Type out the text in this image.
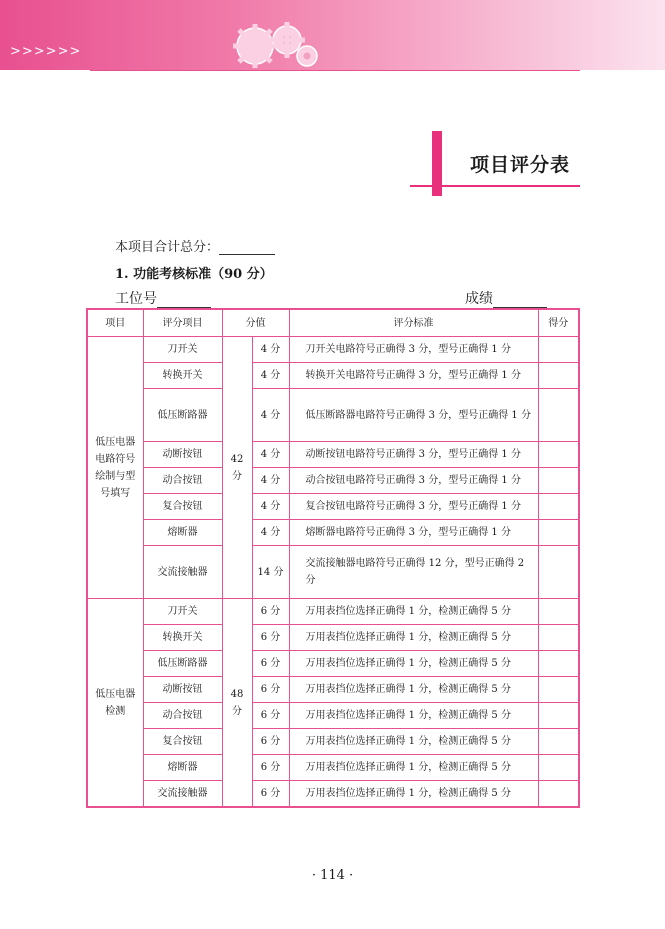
>>>>>>
项目评分表
本项目合计总分：
1. 功能考核标准（90 分）
工位号	成绩
项目	评分项目	分值		评分标准	得分
低压电器电路符号绘制与型号填写	刀开关	42 分	4 分	刀开关电路符号正确得 3 分，型号正确得 1 分	
	转换开关		4 分	转换开关电路符号正确得 3 分，型号正确得 1 分	
	低压断路器		4 分	低压断路器电路符号正确得 3 分，型号正确得 1 分	
	动断按钮		4 分	动断按钮电路符号正确得 3 分，型号正确得 1 分	
	动合按钮		4 分	动合按钮电路符号正确得 3 分，型号正确得 1 分	
	复合按钮		4 分	复合按钮电路符号正确得 3 分，型号正确得 1 分	
	熔断器		4 分	熔断器电路符号正确得 3 分，型号正确得 1 分	
	交流接触器		14 分	交流接触器电路符号正确得 12 分，型号正确得 2 分	
低压电器检测	刀开关	48 分	6 分	万用表挡位选择正确得 1 分，检测正确得 5 分	
	转换开关		6 分	万用表挡位选择正确得 1 分，检测正确得 5 分	
	低压断路器		6 分	万用表挡位选择正确得 1 分，检测正确得 5 分	
	动断按钮		6 分	万用表挡位选择正确得 1 分，检测正确得 5 分	
	动合按钮		6 分	万用表挡位选择正确得 1 分，检测正确得 5 分	
	复合按钮		6 分	万用表挡位选择正确得 1 分，检测正确得 5 分	
	熔断器		6 分	万用表挡位选择正确得 1 分，检测正确得 5 分	
	交流接触器		6 分	万用表挡位选择正确得 1 分，检测正确得 5 分	
· 114 ·
